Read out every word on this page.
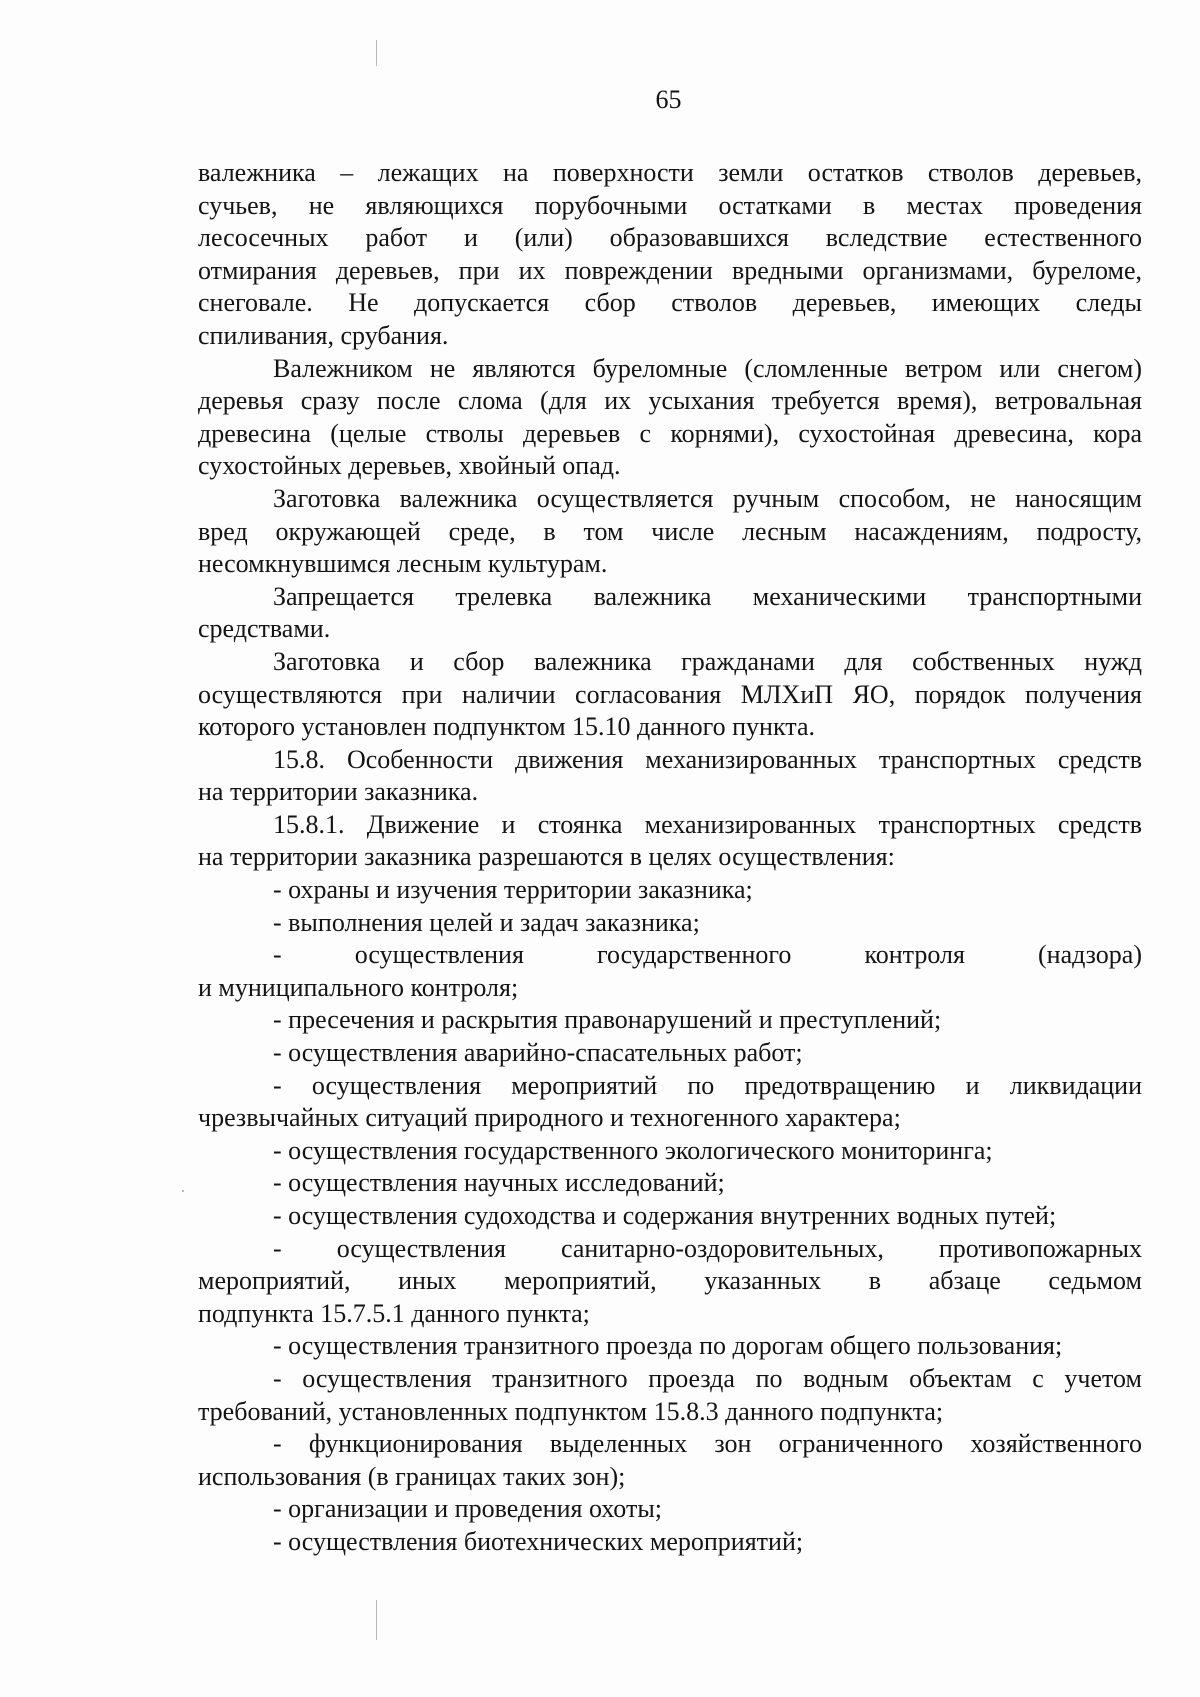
65
валежника – лежащих на поверхности земли остатков стволов деревьев,
сучьев, не являющихся порубочными остатками в местах проведения
лесосечных работ и (или) образовавшихся вследствие естественного
отмирания деревьев, при их повреждении вредными организмами, буреломе,
снеговале. Не допускается сбор стволов деревьев, имеющих следы
спиливания, срубания.
Валежником не являются буреломные (сломленные ветром или снегом)
деревья сразу после слома (для их усыхания требуется время), ветровальная
древесина (целые стволы деревьев с корнями), сухостойная древесина, кора
сухостойных деревьев, хвойный опад.
Заготовка валежника осуществляется ручным способом, не наносящим
вред окружающей среде, в том числе лесным насаждениям, подросту,
несомкнувшимся лесным культурам.
Запрещается трелевка валежника механическими транспортными
средствами.
Заготовка и сбор валежника гражданами для собственных нужд
осуществляются при наличии согласования МЛХиП ЯО, порядок получения
которого установлен подпунктом 15.10 данного пункта.
15.8. Особенности движения механизированных транспортных средств
на территории заказника.
15.8.1. Движение и стоянка механизированных транспортных средств
на территории заказника разрешаются в целях осуществления:
- охраны и изучения территории заказника;
- выполнения целей и задач заказника;
- осуществления государственного контроля (надзора)
и муниципального контроля;
- пресечения и раскрытия правонарушений и преступлений;
- осуществления аварийно-спасательных работ;
- осуществления мероприятий по предотвращению и ликвидации
чрезвычайных ситуаций природного и техногенного характера;
- осуществления государственного экологического мониторинга;
- осуществления научных исследований;
- осуществления судоходства и содержания внутренних водных путей;
- осуществления санитарно-оздоровительных, противопожарных
мероприятий, иных мероприятий, указанных в абзаце седьмом
подпункта 15.7.5.1 данного пункта;
- осуществления транзитного проезда по дорогам общего пользования;
- осуществления транзитного проезда по водным объектам с учетом
требований, установленных подпунктом 15.8.3 данного подпункта;
- функционирования выделенных зон ограниченного хозяйственного
использования (в границах таких зон);
- организации и проведения охоты;
- осуществления биотехнических мероприятий;
